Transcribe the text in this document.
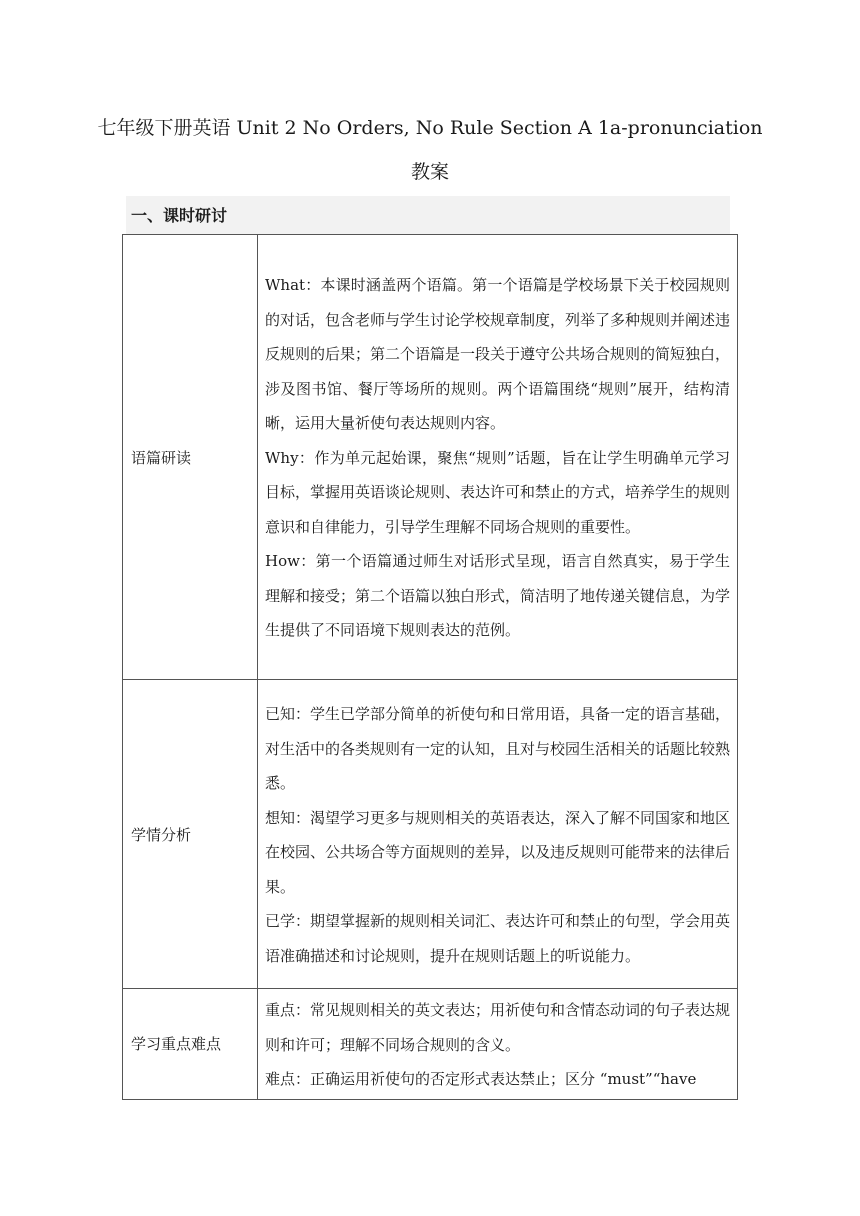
七年级下册英语 Unit 2 No Orders, No Rule Section A 1a-pronunciation
教案
一、课时研讨
语篇研读	What：本课时涵盖两个语篇。第一个语篇是学校场景下关于校园规则的对话，包含老师与学生讨论学校规章制度，列举了多种规则并阐述违反规则的后果；第二个语篇是一段关于遵守公共场合规则的简短独白，涉及图书馆、餐厅等场所的规则。两个语篇围绕“规则”展开，结构清晰，运用大量祈使句表达规则内容。

Why：作为单元起始课，聚焦“规则”话题，旨在让学生明确单元学习目标，掌握用英语谈论规则、表达许可和禁止的方式，培养学生的规则意识和自律能力，引导学生理解不同场合规则的重要性。

How：第一个语篇通过师生对话形式呈现，语言自然真实，易于学生理解和接受；第二个语篇以独白形式，简洁明了地传递关键信息，为学生提供了不同语境下规则表达的范例。

学情分析	已知：学生已学部分简单的祈使句和日常用语，具备一定的语言基础，对生活中的各类规则有一定的认知，且对与校园生活相关的话题比较熟悉。

想知：渴望学习更多与规则相关的英语表达，深入了解不同国家和地区在校园、公共场合等方面规则的差异，以及违反规则可能带来的法律后果。

已学：期望掌握新的规则相关词汇、表达许可和禁止的句型，学会用英语准确描述和讨论规则，提升在规则话题上的听说能力。

学习重点难点	重点：常见规则相关的英文表达；用祈使句和含情态动词的句子表达规则和许可；理解不同场合规则的含义。

难点：正确运用祈使句的否定形式表达禁止；区分 “must”“have
